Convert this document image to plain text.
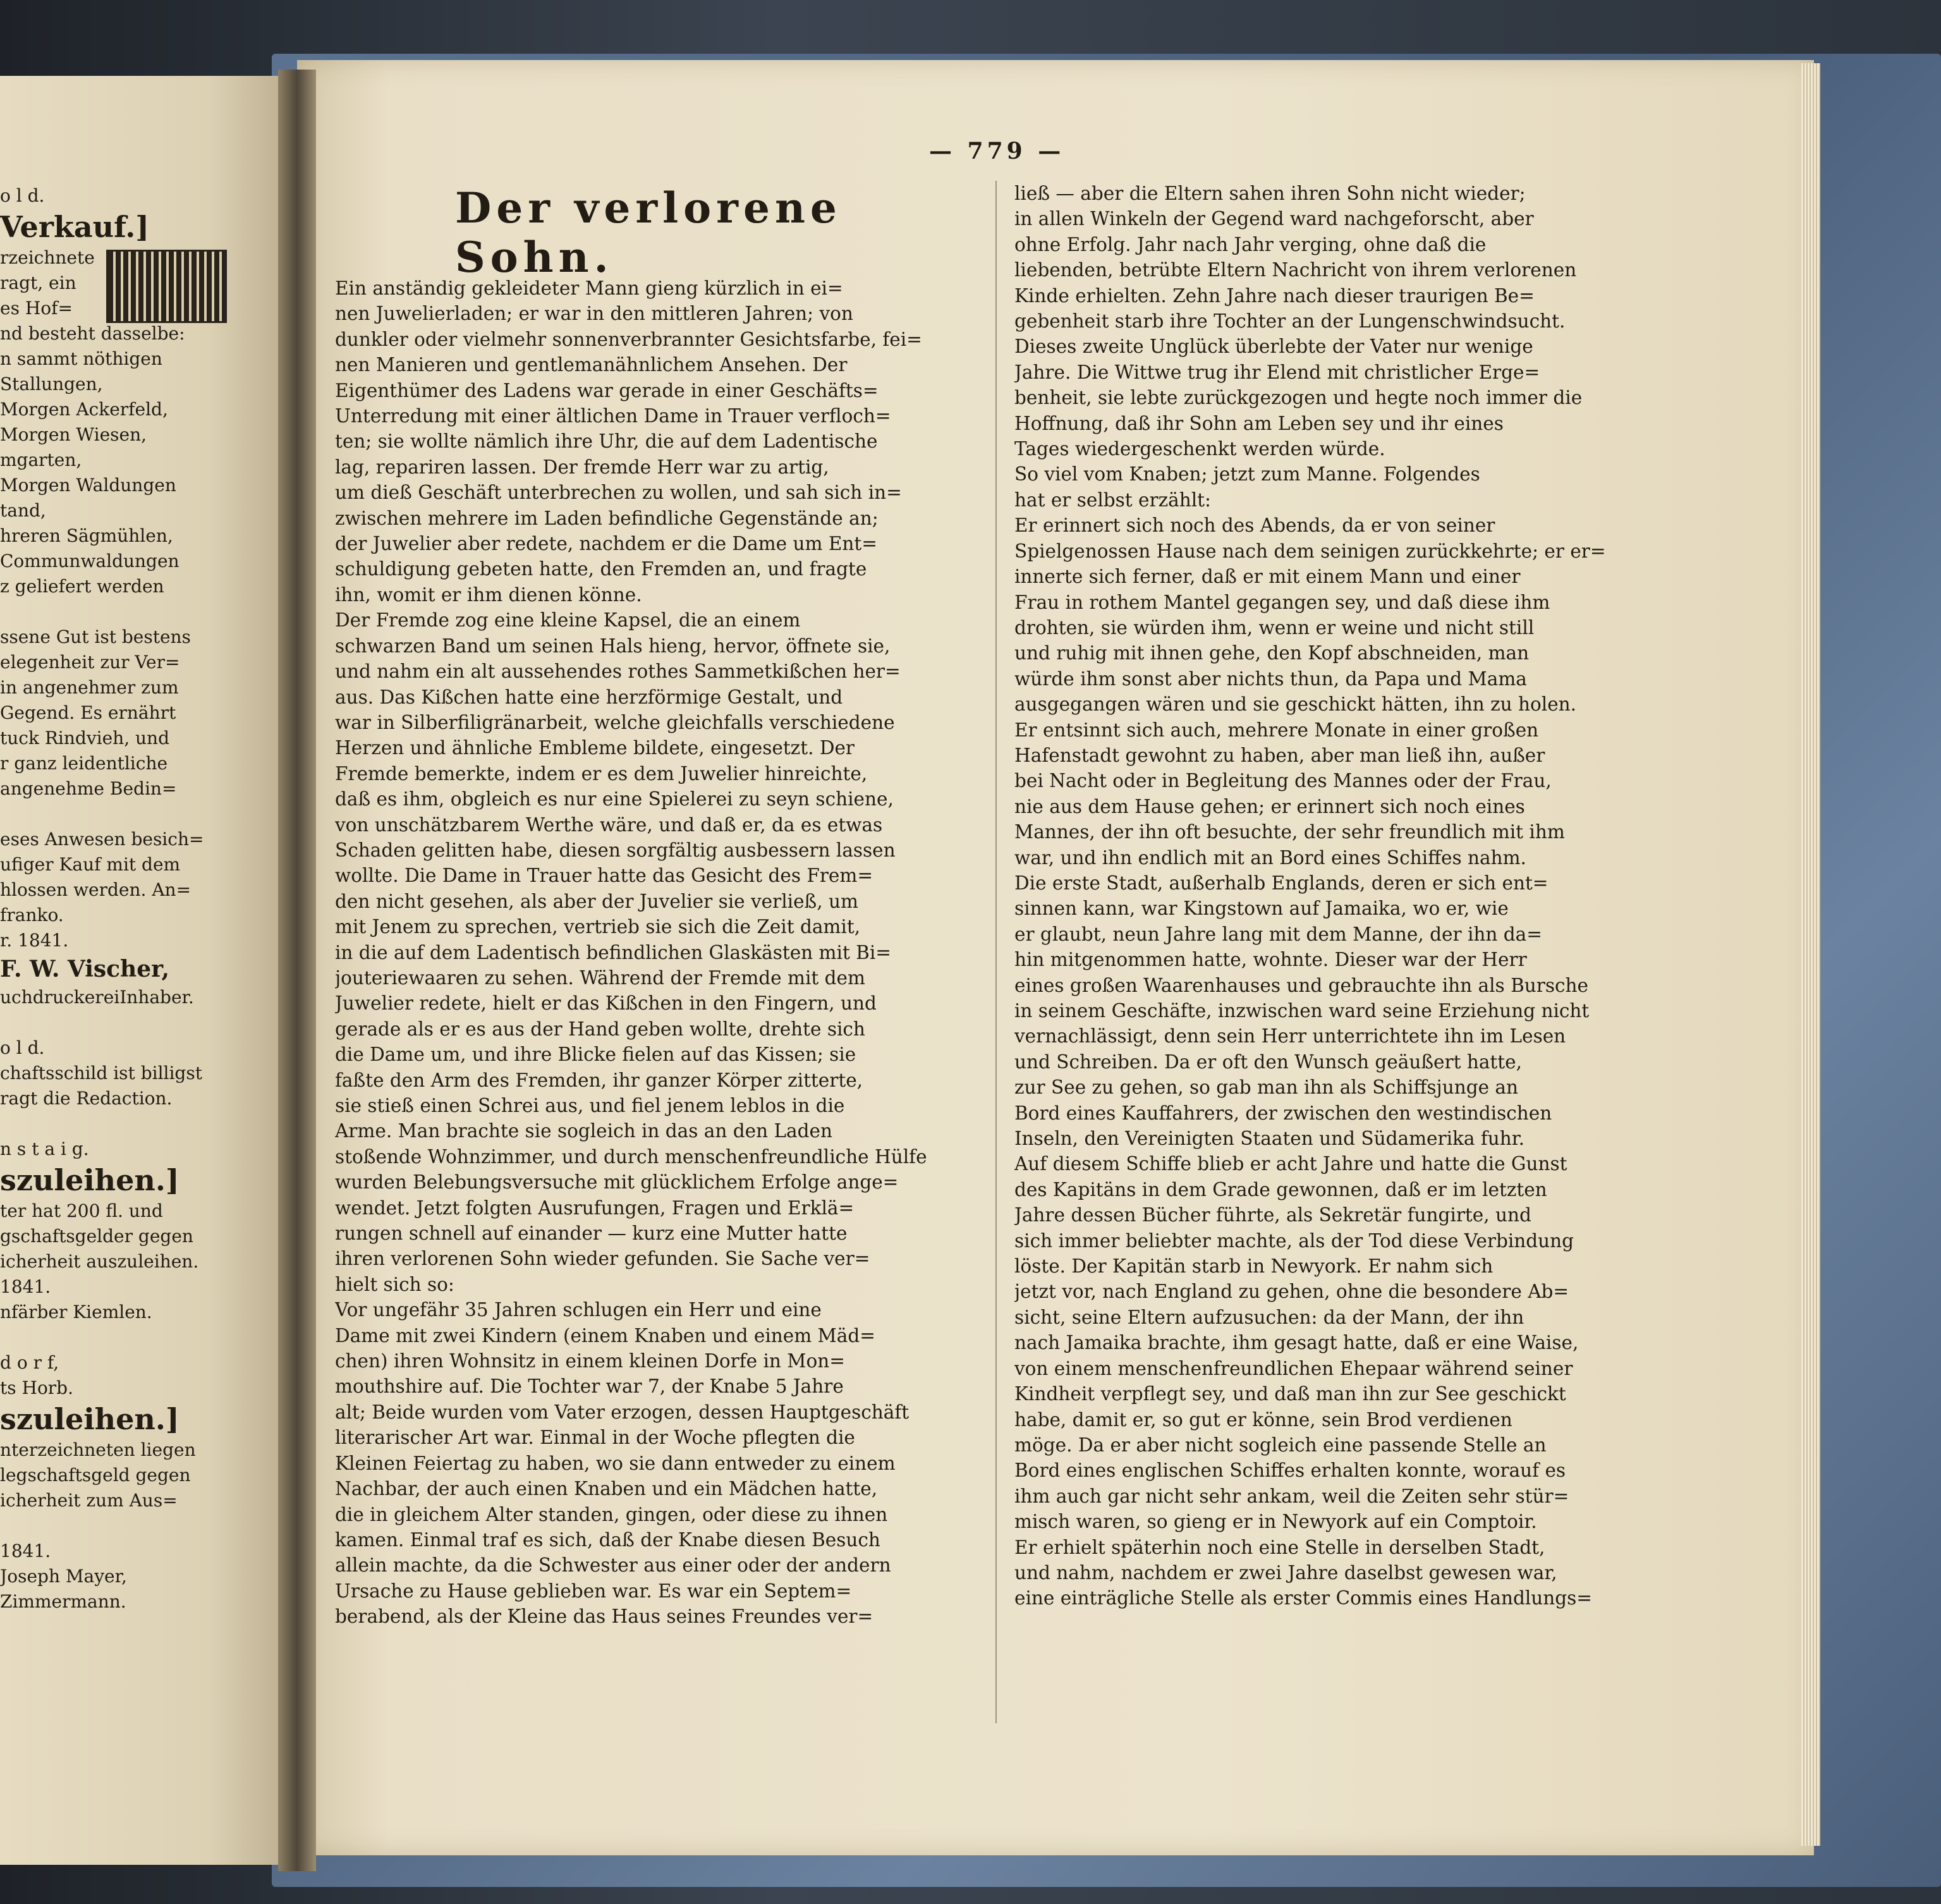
o l d.
Verkauf.]
rzeichnete
ragt, ein
es Hof=
nd besteht dasselbe:
n sammt nöthigen
Stallungen,
Morgen Ackerfeld,
Morgen Wiesen,
mgarten,
Morgen Waldungen
tand,
hreren Sägmühlen,
Communwaldungen
z geliefert werden

ssene Gut ist bestens
elegenheit zur Ver=
in angenehmer zum
Gegend. Es ernährt
tuck Rindvieh, und
r ganz leidentliche
angenehme Bedin=

eses Anwesen besich=
ufiger Kauf mit dem
hlossen werden. An=
franko.
r. 1841.
F. W. Vischer,
uchdruckereiInhaber.

o l d.
chaftsschild ist billigst
ragt die Redaction.

n s t a i g.
szuleihen.]
ter hat 200 fl. und
gschaftsgelder gegen
icherheit auszuleihen.
1841.
nfärber Kiemlen.

d o r f,
ts Horb.
szuleihen.]
nterzeichneten liegen
legschaftsgeld gegen
icherheit zum Aus=

1841.
Joseph Mayer,
Zimmermann.
— 779 —
Der verlorene Sohn.
Ein anständig gekleideter Mann gieng kürzlich in ei=
nen Juwelierladen; er war in den mittleren Jahren; von
dunkler oder vielmehr sonnenverbrannter Gesichtsfarbe, fei=
nen Manieren und gentlemanähnlichem Ansehen. Der
Eigenthümer des Ladens war gerade in einer Geschäfts=
Unterredung mit einer ältlichen Dame in Trauer verfloch=
ten; sie wollte nämlich ihre Uhr, die auf dem Ladentische
lag, repariren lassen. Der fremde Herr war zu artig,
um dieß Geschäft unterbrechen zu wollen, und sah sich in=
zwischen mehrere im Laden befindliche Gegenstände an;
der Juwelier aber redete, nachdem er die Dame um Ent=
schuldigung gebeten hatte, den Fremden an, und fragte
ihn, womit er ihm dienen könne.
Der Fremde zog eine kleine Kapsel, die an einem
schwarzen Band um seinen Hals hieng, hervor, öffnete sie,
und nahm ein alt aussehendes rothes Sammetkißchen her=
aus. Das Kißchen hatte eine herzförmige Gestalt, und
war in Silberfiligränarbeit, welche gleichfalls verschiedene
Herzen und ähnliche Embleme bildete, eingesetzt. Der
Fremde bemerkte, indem er es dem Juwelier hinreichte,
daß es ihm, obgleich es nur eine Spielerei zu seyn schiene,
von unschätzbarem Werthe wäre, und daß er, da es etwas
Schaden gelitten habe, diesen sorgfältig ausbessern lassen
wollte. Die Dame in Trauer hatte das Gesicht des Frem=
den nicht gesehen, als aber der Juvelier sie verließ, um
mit Jenem zu sprechen, vertrieb sie sich die Zeit damit,
in die auf dem Ladentisch befindlichen Glaskästen mit Bi=
jouteriewaaren zu sehen. Während der Fremde mit dem
Juwelier redete, hielt er das Kißchen in den Fingern, und
gerade als er es aus der Hand geben wollte, drehte sich
die Dame um, und ihre Blicke fielen auf das Kissen; sie
faßte den Arm des Fremden, ihr ganzer Körper zitterte,
sie stieß einen Schrei aus, und fiel jenem leblos in die
Arme. Man brachte sie sogleich in das an den Laden
stoßende Wohnzimmer, und durch menschenfreundliche Hülfe
wurden Belebungsversuche mit glücklichem Erfolge ange=
wendet. Jetzt folgten Ausrufungen, Fragen und Erklä=
rungen schnell auf einander — kurz eine Mutter hatte
ihren verlorenen Sohn wieder gefunden. Sie Sache ver=
hielt sich so:
Vor ungefähr 35 Jahren schlugen ein Herr und eine
Dame mit zwei Kindern (einem Knaben und einem Mäd=
chen) ihren Wohnsitz in einem kleinen Dorfe in Mon=
mouthshire auf. Die Tochter war 7, der Knabe 5 Jahre
alt; Beide wurden vom Vater erzogen, dessen Hauptgeschäft
literarischer Art war. Einmal in der Woche pflegten die
Kleinen Feiertag zu haben, wo sie dann entweder zu einem
Nachbar, der auch einen Knaben und ein Mädchen hatte,
die in gleichem Alter standen, gingen, oder diese zu ihnen
kamen. Einmal traf es sich, daß der Knabe diesen Besuch
allein machte, da die Schwester aus einer oder der andern
Ursache zu Hause geblieben war. Es war ein Septem=
berabend, als der Kleine das Haus seines Freundes ver=
ließ — aber die Eltern sahen ihren Sohn nicht wieder;
in allen Winkeln der Gegend ward nachgeforscht, aber
ohne Erfolg. Jahr nach Jahr verging, ohne daß die
liebenden, betrübte Eltern Nachricht von ihrem verlorenen
Kinde erhielten. Zehn Jahre nach dieser traurigen Be=
gebenheit starb ihre Tochter an der Lungenschwindsucht.
Dieses zweite Unglück überlebte der Vater nur wenige
Jahre. Die Wittwe trug ihr Elend mit christlicher Erge=
benheit, sie lebte zurückgezogen und hegte noch immer die
Hoffnung, daß ihr Sohn am Leben sey und ihr eines
Tages wiedergeschenkt werden würde.
So viel vom Knaben; jetzt zum Manne. Folgendes
hat er selbst erzählt:
Er erinnert sich noch des Abends, da er von seiner
Spielgenossen Hause nach dem seinigen zurückkehrte; er er=
innerte sich ferner, daß er mit einem Mann und einer
Frau in rothem Mantel gegangen sey, und daß diese ihm
drohten, sie würden ihm, wenn er weine und nicht still
und ruhig mit ihnen gehe, den Kopf abschneiden, man
würde ihm sonst aber nichts thun, da Papa und Mama
ausgegangen wären und sie geschickt hätten, ihn zu holen.
Er entsinnt sich auch, mehrere Monate in einer großen
Hafenstadt gewohnt zu haben, aber man ließ ihn, außer
bei Nacht oder in Begleitung des Mannes oder der Frau,
nie aus dem Hause gehen; er erinnert sich noch eines
Mannes, der ihn oft besuchte, der sehr freundlich mit ihm
war, und ihn endlich mit an Bord eines Schiffes nahm.
Die erste Stadt, außerhalb Englands, deren er sich ent=
sinnen kann, war Kingstown auf Jamaika, wo er, wie
er glaubt, neun Jahre lang mit dem Manne, der ihn da=
hin mitgenommen hatte, wohnte. Dieser war der Herr
eines großen Waarenhauses und gebrauchte ihn als Bursche
in seinem Geschäfte, inzwischen ward seine Erziehung nicht
vernachlässigt, denn sein Herr unterrichtete ihn im Lesen
und Schreiben. Da er oft den Wunsch geäußert hatte,
zur See zu gehen, so gab man ihn als Schiffsjunge an
Bord eines Kauffahrers, der zwischen den westindischen
Inseln, den Vereinigten Staaten und Südamerika fuhr.
Auf diesem Schiffe blieb er acht Jahre und hatte die Gunst
des Kapitäns in dem Grade gewonnen, daß er im letzten
Jahre dessen Bücher führte, als Sekretär fungirte, und
sich immer beliebter machte, als der Tod diese Verbindung
löste. Der Kapitän starb in Newyork. Er nahm sich
jetzt vor, nach England zu gehen, ohne die besondere Ab=
sicht, seine Eltern aufzusuchen: da der Mann, der ihn
nach Jamaika brachte, ihm gesagt hatte, daß er eine Waise,
von einem menschenfreundlichen Ehepaar während seiner
Kindheit verpflegt sey, und daß man ihn zur See geschickt
habe, damit er, so gut er könne, sein Brod verdienen
möge. Da er aber nicht sogleich eine passende Stelle an
Bord eines englischen Schiffes erhalten konnte, worauf es
ihm auch gar nicht sehr ankam, weil die Zeiten sehr stür=
misch waren, so gieng er in Newyork auf ein Comptoir.
Er erhielt späterhin noch eine Stelle in derselben Stadt,
und nahm, nachdem er zwei Jahre daselbst gewesen war,
eine einträgliche Stelle als erster Commis eines Handlungs=
